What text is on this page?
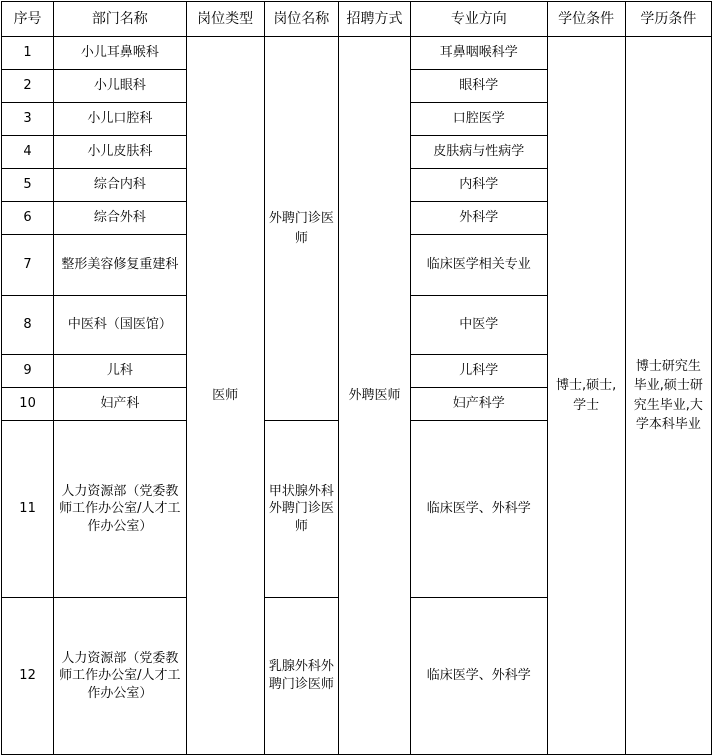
序号	部门名称	岗位类型	岗位名称	招聘方式	专业方向	学位条件	学历条件
1	小儿耳鼻喉科	医师	外聘门诊医师	外聘医师	耳鼻咽喉科学	博士,硕士,学士	博士研究生毕业,硕士研究生毕业,大学本科毕业
2	小儿眼科				眼科学		
3	小儿口腔科				口腔医学		
4	小儿皮肤科				皮肤病与性病学		
5	综合内科				内科学		
6	综合外科				外科学		
7	整形美容修复重建科				临床医学相关专业		
8	中医科（国医馆）				中医学		
9	儿科				儿科学		
10	妇产科				妇产科学		
11	人力资源部（党委教师工作办公室/人才工作办公室）		甲状腺外科外聘门诊医师		临床医学、外科学		
12	人力资源部（党委教师工作办公室/人才工作办公室）		乳腺外科外聘门诊医师		临床医学、外科学		
